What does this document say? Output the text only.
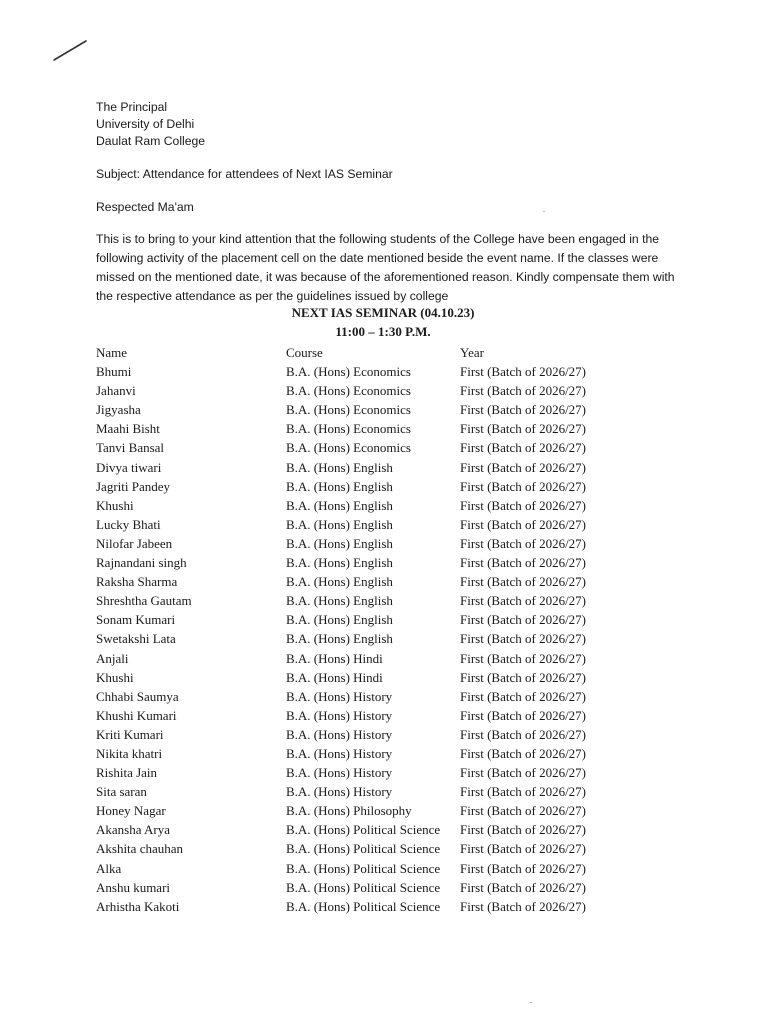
The Principal
University of Delhi
Daulat Ram College
Subject: Attendance for attendees of Next IAS Seminar
Respected Ma'am
This is to bring to your kind attention that the following students of the College have been engaged in the following activity of the placement cell on the date mentioned beside the event name. If the classes were missed on the mentioned date, it was because of the aforementioned reason. Kindly compensate them with the respective attendance as per the guidelines issued by college
NEXT IAS SEMINAR (04.10.23)
11:00 – 1:30 P.M.
Name	Course	Year
Bhumi	B.A. (Hons) Economics	First (Batch of 2026/27)
Jahanvi	B.A. (Hons) Economics	First (Batch of 2026/27)
Jigyasha	B.A. (Hons) Economics	First (Batch of 2026/27)
Maahi Bisht	B.A. (Hons) Economics	First (Batch of 2026/27)
Tanvi Bansal	B.A. (Hons) Economics	First (Batch of 2026/27)
Divya tiwari	B.A. (Hons) English	First (Batch of 2026/27)
Jagriti Pandey	B.A. (Hons) English	First (Batch of 2026/27)
Khushi	B.A. (Hons) English	First (Batch of 2026/27)
Lucky Bhati	B.A. (Hons) English	First (Batch of 2026/27)
Nilofar Jabeen	B.A. (Hons) English	First (Batch of 2026/27)
Rajnandani singh	B.A. (Hons) English	First (Batch of 2026/27)
Raksha Sharma	B.A. (Hons) English	First (Batch of 2026/27)
Shreshtha Gautam	B.A. (Hons) English	First (Batch of 2026/27)
Sonam Kumari	B.A. (Hons) English	First (Batch of 2026/27)
Swetakshi Lata	B.A. (Hons) English	First (Batch of 2026/27)
Anjali	B.A. (Hons) Hindi	First (Batch of 2026/27)
Khushi	B.A. (Hons) Hindi	First (Batch of 2026/27)
Chhabi Saumya	B.A. (Hons) History	First (Batch of 2026/27)
Khushi Kumari	B.A. (Hons) History	First (Batch of 2026/27)
Kriti Kumari	B.A. (Hons) History	First (Batch of 2026/27)
Nikita khatri	B.A. (Hons) History	First (Batch of 2026/27)
Rishita Jain	B.A. (Hons) History	First (Batch of 2026/27)
Sita saran	B.A. (Hons) History	First (Batch of 2026/27)
Honey Nagar	B.A. (Hons) Philosophy	First (Batch of 2026/27)
Akansha Arya	B.A. (Hons) Political Science	First (Batch of 2026/27)
Akshita chauhan	B.A. (Hons) Political Science	First (Batch of 2026/27)
Alka	B.A. (Hons) Political Science	First (Batch of 2026/27)
Anshu kumari	B.A. (Hons) Political Science	First (Batch of 2026/27)
Arhistha Kakoti	B.A. (Hons) Political Science	First (Batch of 2026/27)
